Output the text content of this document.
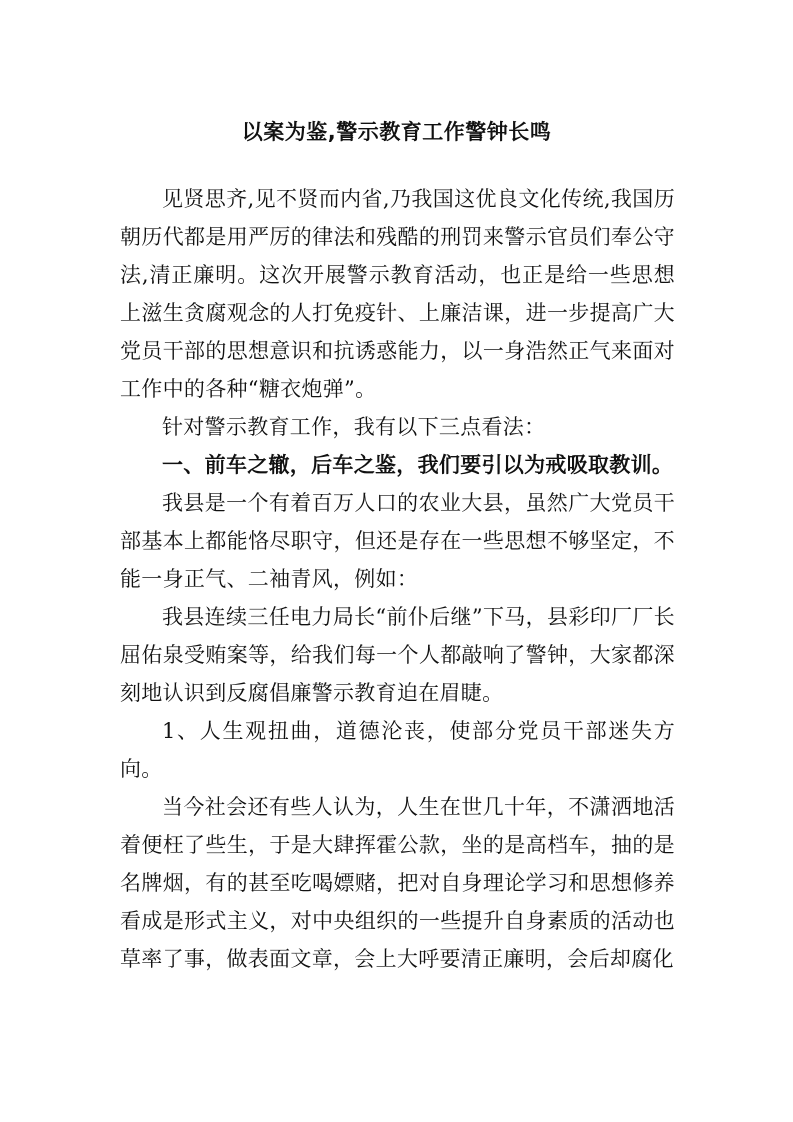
以案为鉴,警示教育工作警钟长鸣

见贤思齐,见不贤而内省,乃我国这优良文化传统,我国历朝历代都是用严厉的律法和残酷的刑罚来警示官员们奉公守法,清正廉明。这次开展警示教育活动，也正是给一些思想上滋生贪腐观念的人打免疫针、上廉洁课，进一步提高广大党员干部的思想意识和抗诱惑能力，以一身浩然正气来面对工作中的各种“糖衣炮弹”。

针对警示教育工作，我有以下三点看法：

一、前车之辙，后车之鉴，我们要引以为戒吸取教训。

我县是一个有着百万人口的农业大县，虽然广大党员干部基本上都能恪尽职守，但还是存在一些思想不够坚定，不能一身正气、二袖青风，例如：

我县连续三任电力局长“前仆后继”下马，县彩印厂厂长屈佑泉受贿案等，给我们每一个人都敲响了警钟，大家都深刻地认识到反腐倡廉警示教育迫在眉睫。

1、人生观扭曲，道德沦丧，使部分党员干部迷失方向。

当今社会还有些人认为，人生在世几十年，不潇洒地活着便枉了些生，于是大肆挥霍公款，坐的是高档车，抽的是名牌烟，有的甚至吃喝嫖赌，把对自身理论学习和思想修养看成是形式主义，对中央组织的一些提升自身素质的活动也草率了事，做表面文章，会上大呼要清正廉明，会后却腐化
